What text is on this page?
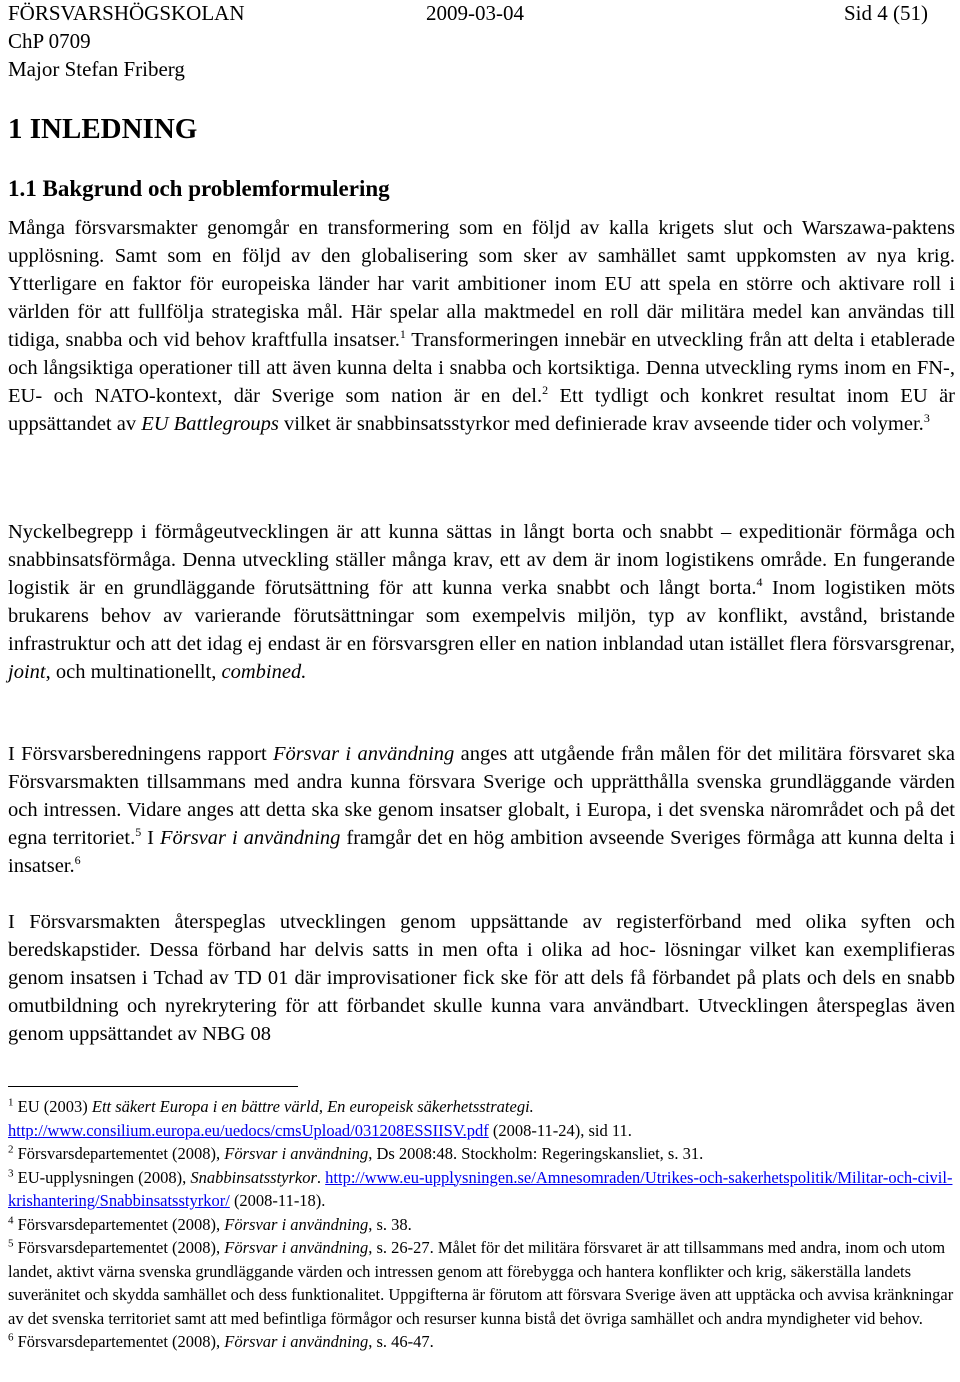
FÖRSVARSHÖGSKOLAN	2009-03-04	Sid 4 (51)
ChP 0709
Major Stefan Friberg
1 INLEDNING
1.1 Bakgrund och problemformulering

Många försvarsmakter genomgår en transformering som en följd av kalla krigets slut och Warszawa-paktens upplösning. Samt som en följd av den globalisering som sker av samhället samt uppkomsten av nya krig. Ytterligare en faktor för europeiska länder har varit ambitioner inom EU att spela en större och aktivare roll i världen för att fullfölja strategiska mål. Här spelar alla maktmedel en roll där militära medel kan användas till tidiga, snabba och vid behov kraftfulla insatser.$^1$ Transformeringen innebär en utveckling från att delta i etablerade och långsiktiga operationer till att även kunna delta i snabba och kortsiktiga. Denna utveckling ryms inom en FN-, EU- och NATO-kontext, där Sverige som nation är en del.$^2$ Ett tydligt och konkret resultat inom EU är uppsättandet av EU Battlegroups vilket är snabbinsatsstyrkor med definierade krav avseende tider och volymer.$^3$

Nyckelbegrepp i förmågeutvecklingen är att kunna sättas in långt borta och snabbt – expeditionär förmåga och snabbinsatsförmåga. Denna utveckling ställer många krav, ett av dem är inom logistikens område. En fungerande logistik är en grundläggande förutsättning för att kunna verka snabbt och långt borta.$^4$ Inom logistiken möts brukarens behov av varierande förutsättningar som exempelvis miljön, typ av konflikt, avstånd, bristande infrastruktur och att det idag ej endast är en försvarsgren eller en nation inblandad utan istället flera försvarsgrenar, joint, och multinationellt, combined.

I Försvarsberedningens rapport Försvar i användning anges att utgående från målen för det militära försvaret ska Försvarsmakten tillsammans med andra kunna försvara Sverige och upprätthålla svenska grundläggande värden och intressen. Vidare anges att detta ska ske genom insatser globalt, i Europa, i det svenska närområdet och på det egna territoriet.$^5$ I Försvar i användning framgår det en hög ambition avseende Sveriges förmåga att kunna delta i insatser.$^6$

I Försvarsmakten återspeglas utvecklingen genom uppsättande av registerförband med olika syften och beredskapstider. Dessa förband har delvis satts in men ofta i olika ad hoc- lösningar vilket kan exemplifieras genom insatsen i Tchad av TD 01 där improvisationer fick ske för att dels få förbandet på plats och dels en snabb omutbildning och nyrekrytering för att förbandet skulle kunna vara användbart. Utvecklingen återspeglas även genom uppsättandet av NBG 08

$^1$ EU (2003) Ett säkert Europa i en bättre värld, En europeisk säkerhetsstrategi.
http://www.consilium.europa.eu/uedocs/cmsUpload/031208ESSIISV.pdf (2008-11-24), sid 11.
$^2$ Försvarsdepartementet (2008), Försvar i användning, Ds 2008:48. Stockholm: Regeringskansliet, s. 31.
$^3$ EU-upplysningen (2008), Snabbinsatsstyrkor. http://www.eu-upplysningen.se/Amnesomraden/Utrikes-och-sakerhetspolitik/Militar-och-civil-krishantering/Snabbinsatsstyrkor/ (2008-11-18).
$^4$ Försvarsdepartementet (2008), Försvar i användning, s. 38.
$^5$ Försvarsdepartementet (2008), Försvar i användning, s. 26-27. Målet för det militära försvaret är att tillsammans med andra, inom och utom landet, aktivt värna svenska grundläggande värden och intressen genom att förebygga och hantera konflikter och krig, säkerställa landets suveränitet och skydda samhället och dess funktionalitet. Uppgifterna är förutom att försvara Sverige även att upptäcka och avvisa kränkningar av det svenska territoriet samt att med befintliga förmågor och resurser kunna bistå det övriga samhället och andra myndigheter vid behov.
$^6$ Försvarsdepartementet (2008), Försvar i användning, s. 46-47.
